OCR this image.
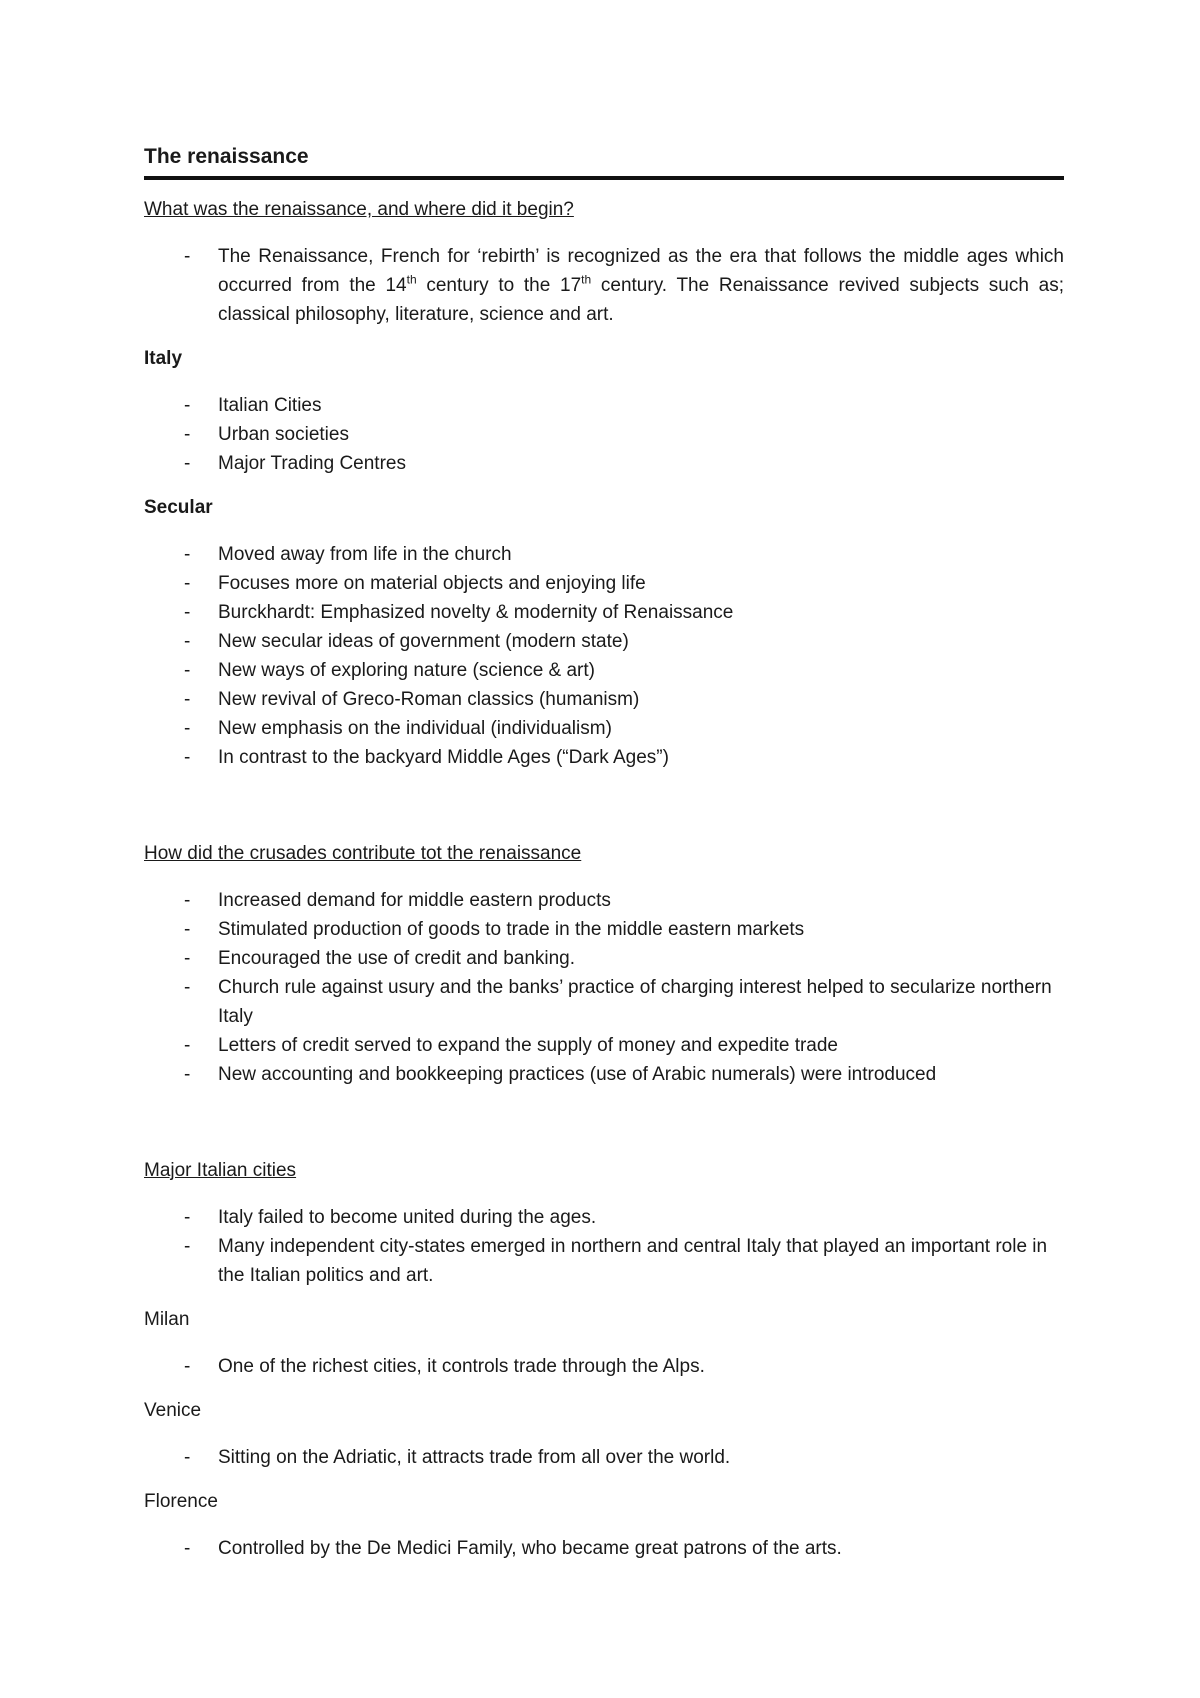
The renaissance
What was the renaissance, and where did it begin?
- The Renaissance, French for ‘rebirth’ is recognized as the era that follows the middle ages which occurred from the 14th century to the 17th century. The Renaissance revived subjects such as; classical philosophy, literature, science and art.
Italy
- Italian Cities
- Urban societies
- Major Trading Centres
Secular
- Moved away from life in the church
- Focuses more on material objects and enjoying life
- Burckhardt: Emphasized novelty & modernity of Renaissance
- New secular ideas of government (modern state)
- New ways of exploring nature (science & art)
- New revival of Greco-Roman classics (humanism)
- New emphasis on the individual (individualism)
- In contrast to the backyard Middle Ages (“Dark Ages”)
How did the crusades contribute tot the renaissance
- Increased demand for middle eastern products
- Stimulated production of goods to trade in the middle eastern markets
- Encouraged the use of credit and banking.
- Church rule against usury and the banks’ practice of charging interest helped to secularize northern Italy
- Letters of credit served to expand the supply of money and expedite trade
- New accounting and bookkeeping practices (use of Arabic numerals) were introduced
Major Italian cities
- Italy failed to become united during the ages.
- Many independent city-states emerged in northern and central Italy that played an important role in the Italian politics and art.
Milan
- One of the richest cities, it controls trade through the Alps.
Venice
- Sitting on the Adriatic, it attracts trade from all over the world.
Florence
- Controlled by the De Medici Family, who became great patrons of the arts.
